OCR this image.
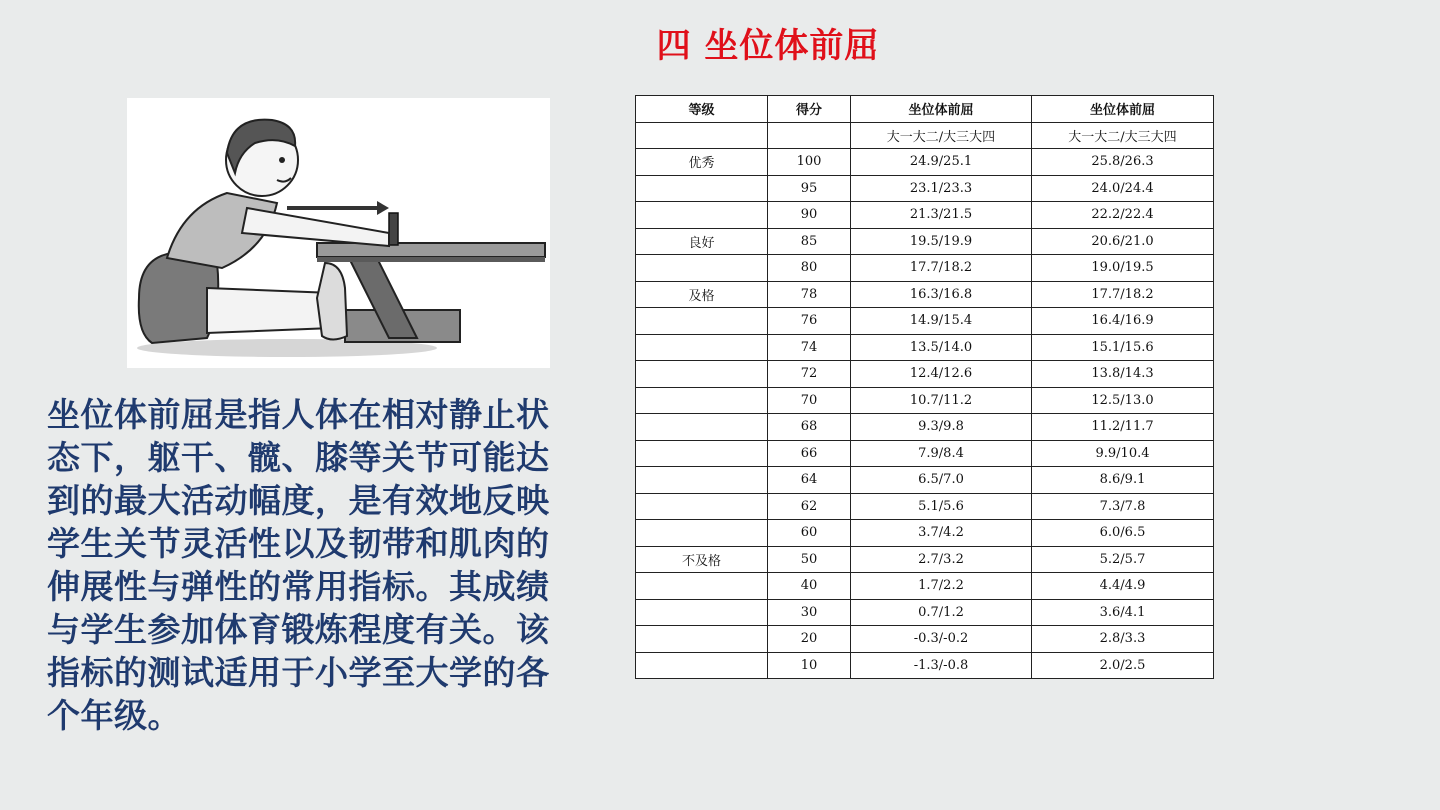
四 坐位体前屈
坐位体前屈是指人体在相对静止状态下，躯干、髋、膝等关节可能达到的最大活动幅度，是有效地反映学生关节灵活性以及韧带和肌肉的伸展性与弹性的常用指标。其成绩与学生参加体育锻炼程度有关。该指标的测试适用于小学至大学的各个年级。
等级	得分	坐位体前屈	坐位体前屈
		大一大二/大三大四	大一大二/大三大四
优秀	100	24.9/25.1	25.8/26.3
	95	23.1/23.3	24.0/24.4
	90	21.3/21.5	22.2/22.4
良好	85	19.5/19.9	20.6/21.0
	80	17.7/18.2	19.0/19.5
及格	78	16.3/16.8	17.7/18.2
	76	14.9/15.4	16.4/16.9
	74	13.5/14.0	15.1/15.6
	72	12.4/12.6	13.8/14.3
	70	10.7/11.2	12.5/13.0
	68	9.3/9.8	11.2/11.7
	66	7.9/8.4	9.9/10.4
	64	6.5/7.0	8.6/9.1
	62	5.1/5.6	7.3/7.8
	60	3.7/4.2	6.0/6.5
不及格	50	2.7/3.2	5.2/5.7
	40	1.7/2.2	4.4/4.9
	30	0.7/1.2	3.6/4.1
	20	-0.3/-0.2	2.8/3.3
	10	-1.3/-0.8	2.0/2.5
